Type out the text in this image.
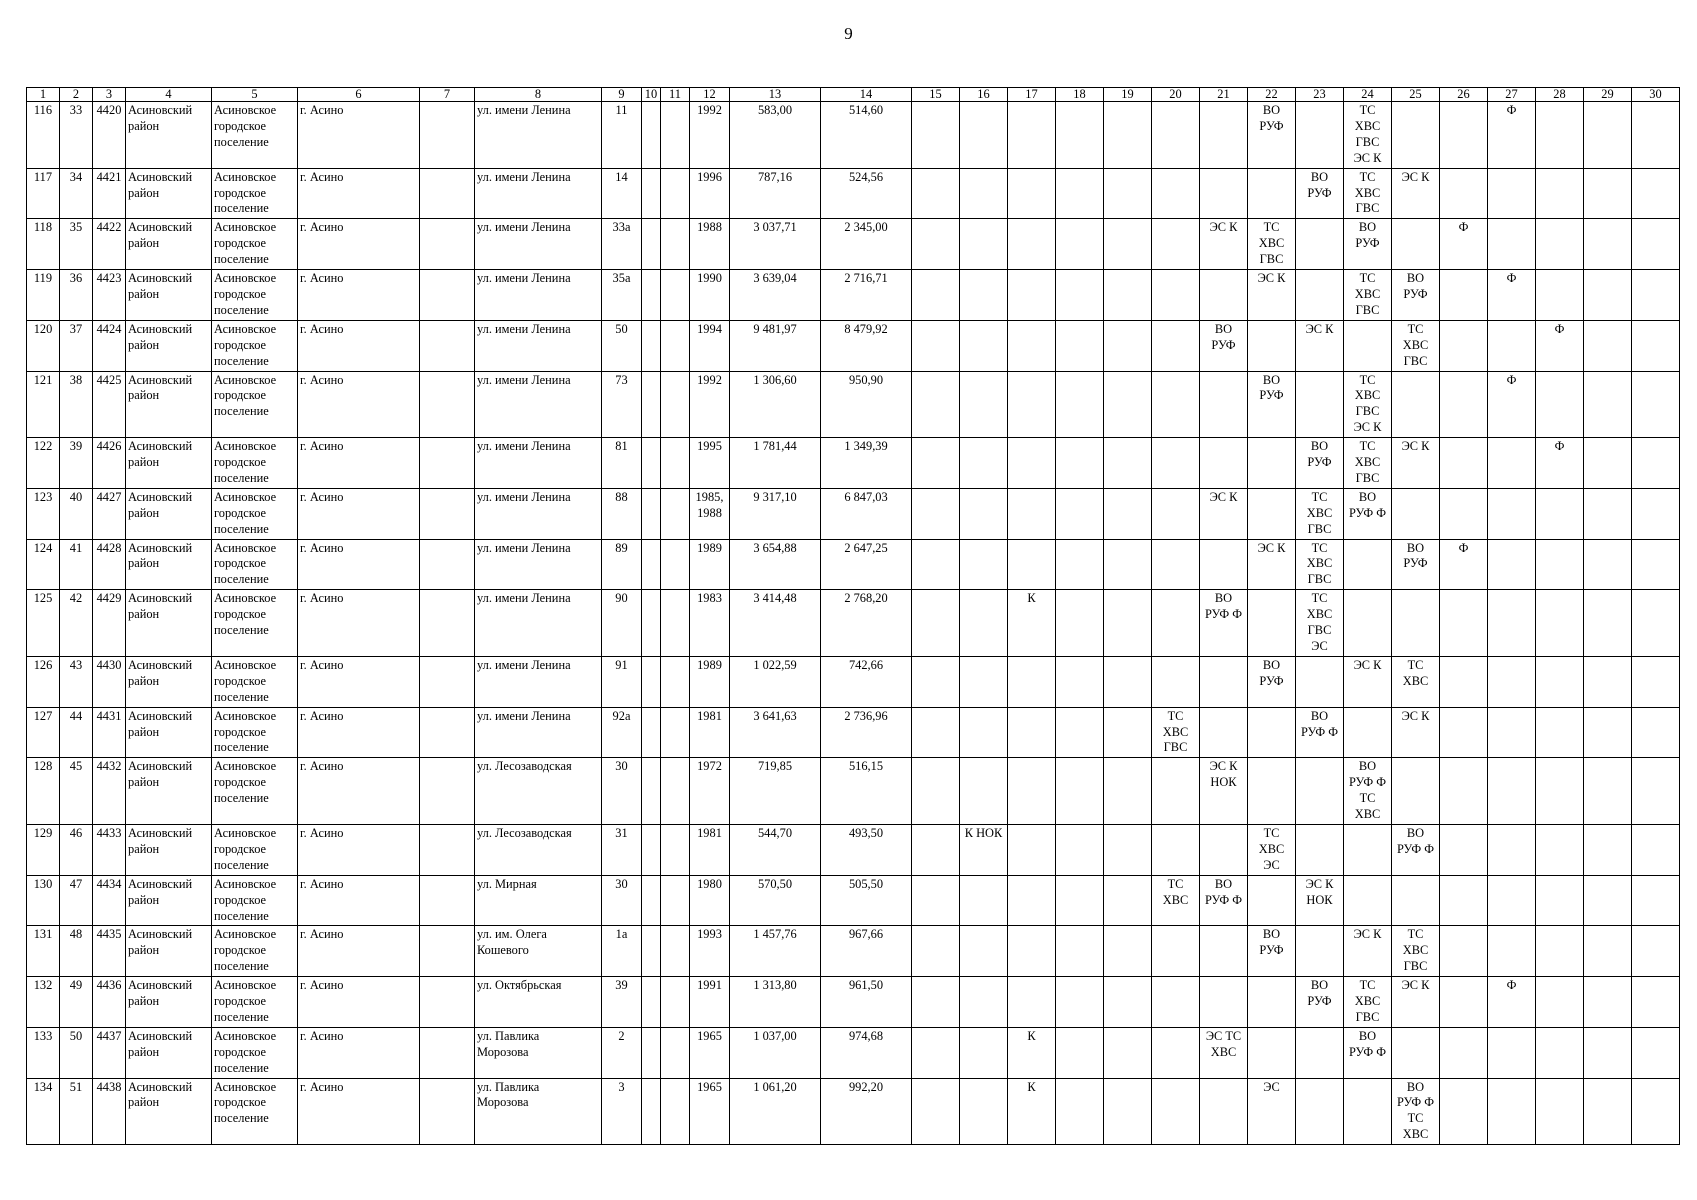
9
1	2	3	4	5	6	7	8	9	10	11	12	13	14	15	16	17	18	19	20	21	22	23	24	25	26	27	28	29	30
116	33	4420	Асиновский
район	Асиновское
городское
поселение	г. Асино		ул. имени Ленина	11			1992	583,00	514,60								ВО
РУФ		ТС
ХВС
ГВС
ЭС К			Ф			

117	34	4421	Асиновский
район	Асиновское
городское
поселение	г. Асино		ул. имени Ленина	14			1996	787,16	524,56									ВО
РУФ	ТС
ХВС
ГВС	ЭС К					

118	35	4422	Асиновский
район	Асиновское
городское
поселение	г. Асино		ул. имени Ленина	33а			1988	3 037,71	2 345,00							ЭС К	ТС
ХВС
ГВС		ВО
РУФ		Ф				

119	36	4423	Асиновский
район	Асиновское
городское
поселение	г. Асино		ул. имени Ленина	35а			1990	3 639,04	2 716,71								ЭС К		ТС
ХВС
ГВС	ВО
РУФ		Ф			

120	37	4424	Асиновский
район	Асиновское
городское
поселение	г. Асино		ул. имени Ленина	50			1994	9 481,97	8 479,92							ВО
РУФ		ЭС К		ТС
ХВС
ГВС			Ф		

121	38	4425	Асиновский
район	Асиновское
городское
поселение	г. Асино		ул. имени Ленина	73			1992	1 306,60	950,90								ВО
РУФ		ТС
ХВС
ГВС
ЭС К			Ф			

122	39	4426	Асиновский
район	Асиновское
городское
поселение	г. Асино		ул. имени Ленина	81			1995	1 781,44	1 349,39									ВО
РУФ	ТС
ХВС
ГВС	ЭС К			Ф		

123	40	4427	Асиновский
район	Асиновское
городское
поселение	г. Асино		ул. имени Ленина	88			1985,
1988	9 317,10	6 847,03							ЭС К		ТС
ХВС
ГВС	ВО
РУФ Ф						

124	41	4428	Асиновский
район	Асиновское
городское
поселение	г. Асино		ул. имени Ленина	89			1989	3 654,88	2 647,25								ЭС К	ТС
ХВС
ГВС		ВО
РУФ	Ф				

125	42	4429	Асиновский
район	Асиновское
городское
поселение	г. Асино		ул. имени Ленина	90			1983	3 414,48	2 768,20			К				ВО
РУФ Ф		ТС
ХВС
ГВС
ЭС							

126	43	4430	Асиновский
район	Асиновское
городское
поселение	г. Асино		ул. имени Ленина	91			1989	1 022,59	742,66								ВО
РУФ		ЭС К	ТС
ХВС					

127	44	4431	Асиновский
район	Асиновское
городское
поселение	г. Асино		ул. имени Ленина	92а			1981	3 641,63	2 736,96						ТС
ХВС
ГВС			ВО
РУФ Ф		ЭС К					

128	45	4432	Асиновский
район	Асиновское
городское
поселение	г. Асино		ул. Лесозаводская	30			1972	719,85	516,15							ЭС К
НОК			ВО
РУФ Ф
ТС
ХВС						

129	46	4433	Асиновский
район	Асиновское
городское
поселение	г. Асино		ул. Лесозаводская	31			1981	544,70	493,50		К НОК						ТС
ХВС
ЭС			ВО
РУФ Ф					

130	47	4434	Асиновский
район	Асиновское
городское
поселение	г. Асино		ул. Мирная	30			1980	570,50	505,50						ТС
ХВС	ВО
РУФ Ф		ЭС К
НОК							

131	48	4435	Асиновский
район	Асиновское
городское
поселение	г. Асино		ул. им. Олега
Кошевого	1а			1993	1 457,76	967,66								ВО
РУФ		ЭС К	ТС
ХВС
ГВС					

132	49	4436	Асиновский
район	Асиновское
городское
поселение	г. Асино		ул. Октябрьская	39			1991	1 313,80	961,50									ВО
РУФ	ТС
ХВС
ГВС	ЭС К		Ф			

133	50	4437	Асиновский
район	Асиновское
городское
поселение	г. Асино		ул. Павлика
Морозова	2			1965	1 037,00	974,68			К				ЭС ТС
ХВС			ВО
РУФ Ф						

134	51	4438	Асиновский
район	Асиновское
городское
поселение	г. Асино		ул. Павлика
Морозова	3			1965	1 061,20	992,20			К					ЭС			ВО
РУФ Ф
ТС
ХВС					
